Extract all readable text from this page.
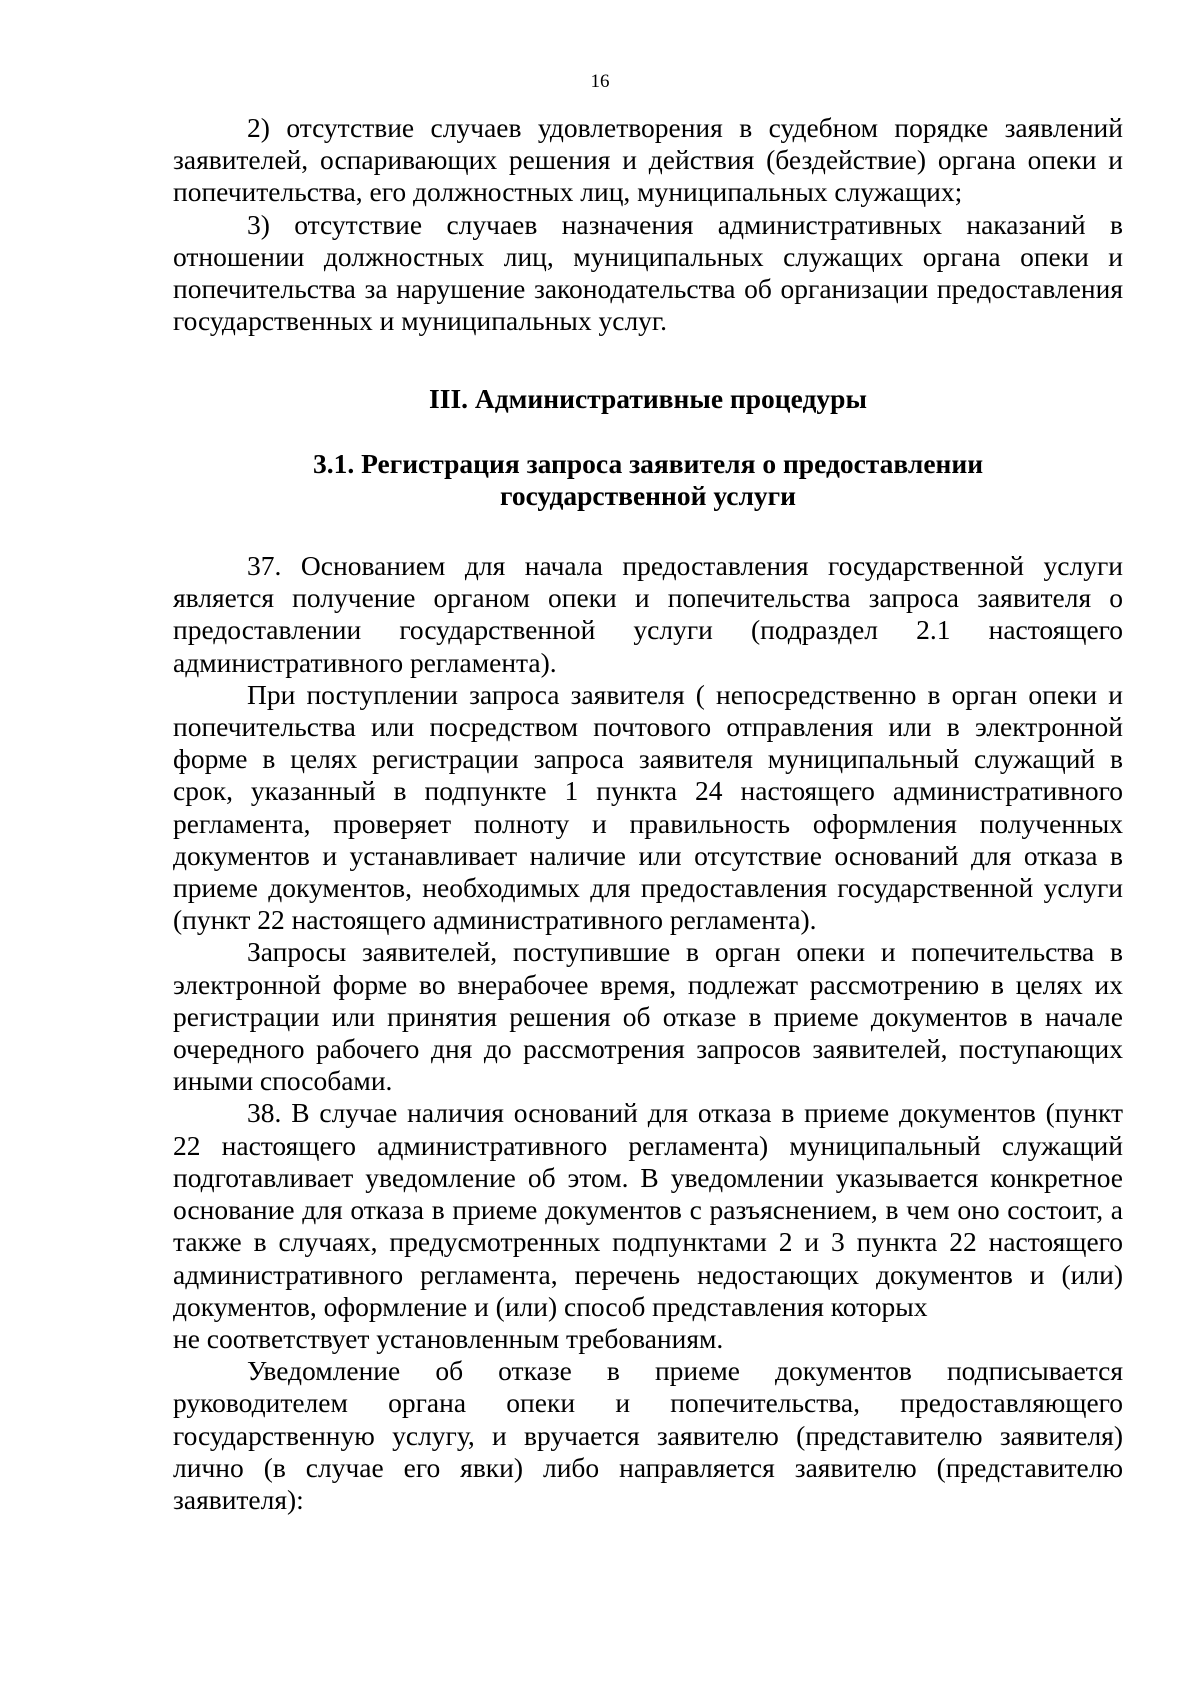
16

2) отсутствие случаев удовлетворения в судебном порядке заявлений заявителей, оспаривающих решения и действия (бездействие) органа опеки и попечительства, его должностных лиц, муниципальных служащих;

3) отсутствие случаев назначения административных наказаний в отношении должностных лиц, муниципальных служащих органа опеки и попечительства за нарушение законодательства об организации предоставления государственных и муниципальных услуг.

III. Административные процедуры
3.1. Регистрация запроса заявителя о предоставлении
государственной услуги

37. Основанием для начала предоставления государственной услуги является получение органом опеки и попечительства запроса заявителя о предоставлении государственной услуги (подраздел 2.1 настоящего административного регламента).

При поступлении запроса заявителя ( непосредственно в орган опеки и попечительства или посредством почтового отправления или в электронной форме в целях регистрации запроса заявителя муниципальный служащий в срок, указанный в подпункте 1 пункта 24 настоящего административного регламента, проверяет полноту и правильность оформления полученных документов и устанавливает наличие или отсутствие оснований для отказа в приеме документов, необходимых для предоставления государственной услуги (пункт 22 настоящего административного регламента).

Запросы заявителей, поступившие в орган опеки и попечительства в электронной форме во внерабочее время, подлежат рассмотрению в целях их регистрации или принятия решения об отказе в приеме документов в начале очередного рабочего дня до рассмотрения запросов заявителей, поступающих иными способами.

38. В случае наличия оснований для отказа в приеме документов (пункт 22 настоящего административного регламента) муниципальный служащий подготавливает уведомление об этом. В уведомлении указывается конкретное основание для отказа в приеме документов с разъяснением, в чем оно состоит, а также в случаях, предусмотренных подпунктами 2 и 3 пункта 22 настоящего административного регламента, перечень недостающих документов и (или) документов, оформление и (или) способ представления которых

не соответствует установленным требованиям.

Уведомление об отказе в приеме документов подписывается руководителем органа опеки и попечительства, предоставляющего государственную услугу, и вручается заявителю (представителю заявителя) лично (в случае его явки) либо направляется заявителю (представителю заявителя):
